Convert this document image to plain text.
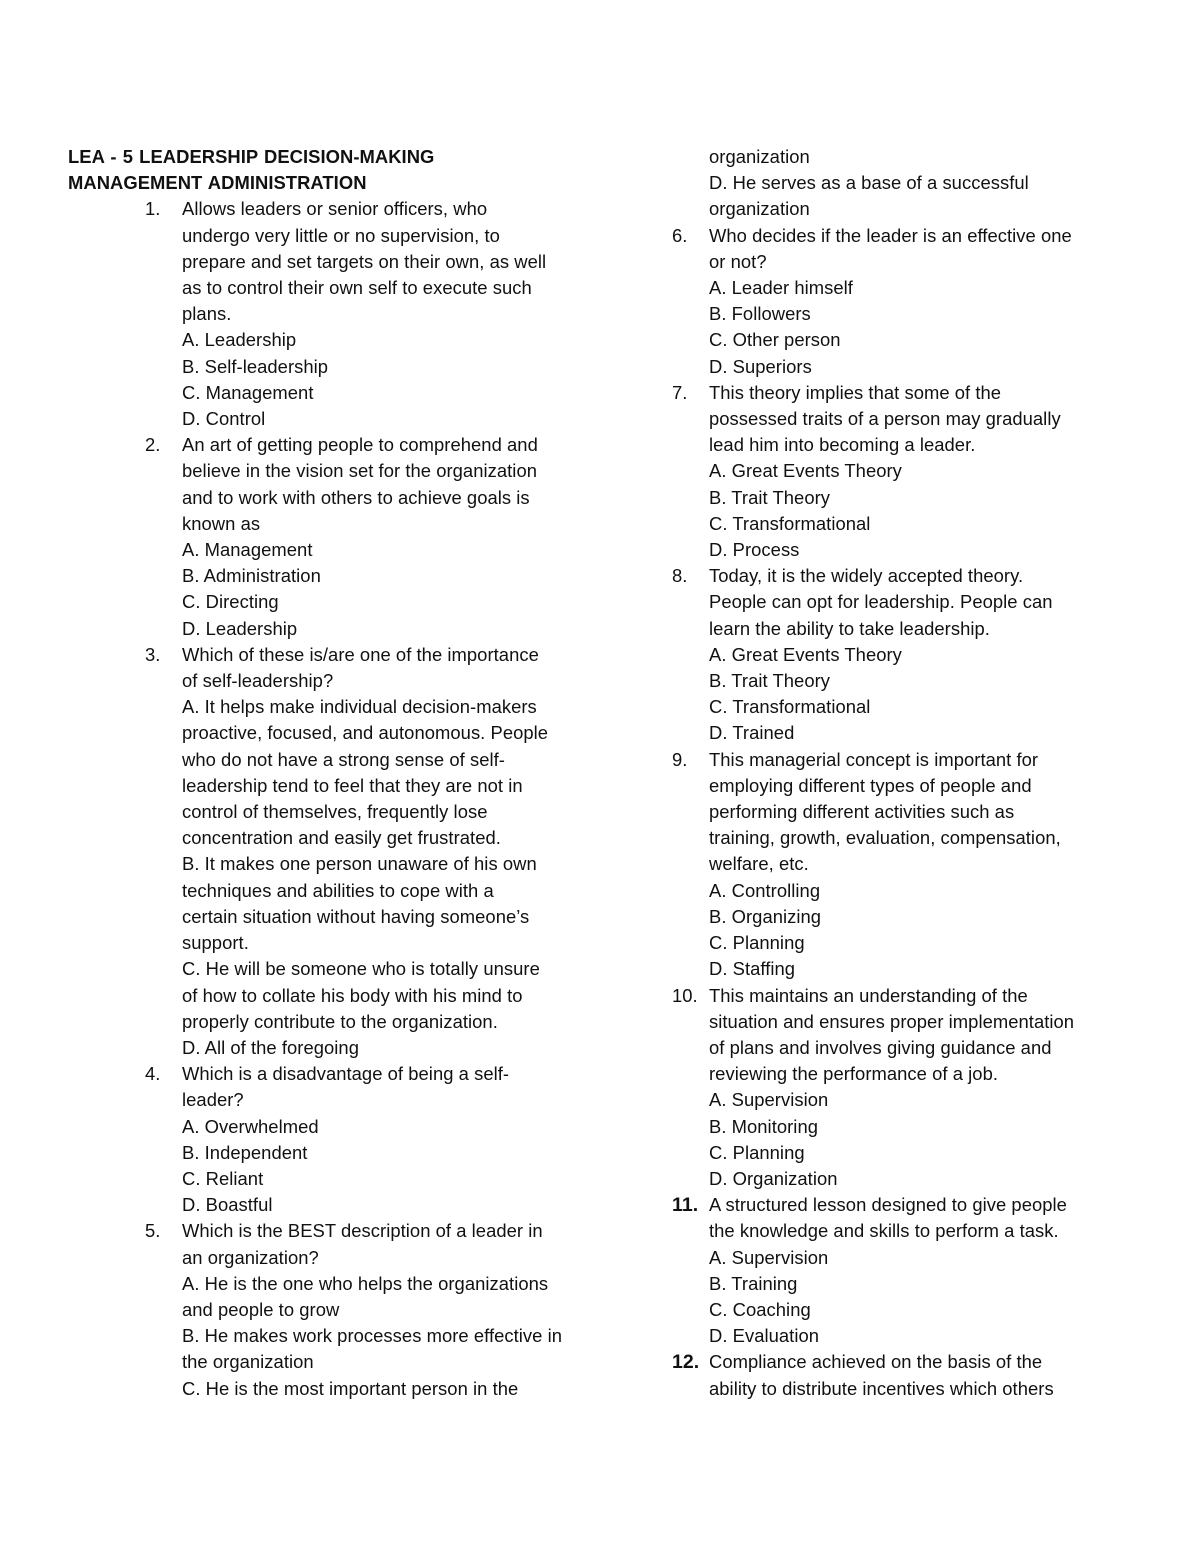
LEA - 5 LEADERSHIP DECISION-MAKING
MANAGEMENT ADMINISTRATION
1.	Allows leaders or senior officers, who
undergo very little or no supervision, to
prepare and set targets on their own, as well
as to control their own self to execute such
plans.
A. Leadership
B. Self-leadership
C. Management
D. Control
2.	An art of getting people to comprehend and
believe in the vision set for the organization
and to work with others to achieve goals is
known as
A. Management
B. Administration
C. Directing
D. Leadership
3.	Which of these is/are one of the importance
of self-leadership?
A. It helps make individual decision-makers
proactive, focused, and autonomous. People
who do not have a strong sense of self-
leadership tend to feel that they are not in
control of themselves, frequently lose
concentration and easily get frustrated.
B. It makes one person unaware of his own
techniques and abilities to cope with a
certain situation without having someone’s
support.
C. He will be someone who is totally unsure
of how to collate his body with his mind to
properly contribute to the organization.
D. All of the foregoing
4.	Which is a disadvantage of being a self-
leader?
A. Overwhelmed
B. Independent
C. Reliant
D. Boastful
5.	Which is the BEST description of a leader in
an organization?
A. He is the one who helps the organizations
and people to grow
B. He makes work processes more effective in
the organization
C. He is the most important person in the
organization
D. He serves as a base of a successful
organization
6.	Who decides if the leader is an effective one
or not?
A. Leader himself
B. Followers
C. Other person
D. Superiors
7.	This theory implies that some of the
possessed traits of a person may gradually
lead him into becoming a leader.
A. Great Events Theory
B. Trait Theory
C. Transformational
D. Process
8.	Today, it is the widely accepted theory.
People can opt for leadership. People can
learn the ability to take leadership.
A. Great Events Theory
B. Trait Theory
C. Transformational
D. Trained
9.	This managerial concept is important for
employing different types of people and
performing different activities such as
training, growth, evaluation, compensation,
welfare, etc.
A. Controlling
B. Organizing
C. Planning
D. Staffing
10. This maintains an understanding of the
situation and ensures proper implementation
of plans and involves giving guidance and
reviewing the performance of a job.
A. Supervision
B. Monitoring
C. Planning
D. Organization
11. A structured lesson designed to give people
the knowledge and skills to perform a task.
A. Supervision
B. Training
C. Coaching
D. Evaluation
12. Compliance achieved on the basis of the
ability to distribute incentives which others
